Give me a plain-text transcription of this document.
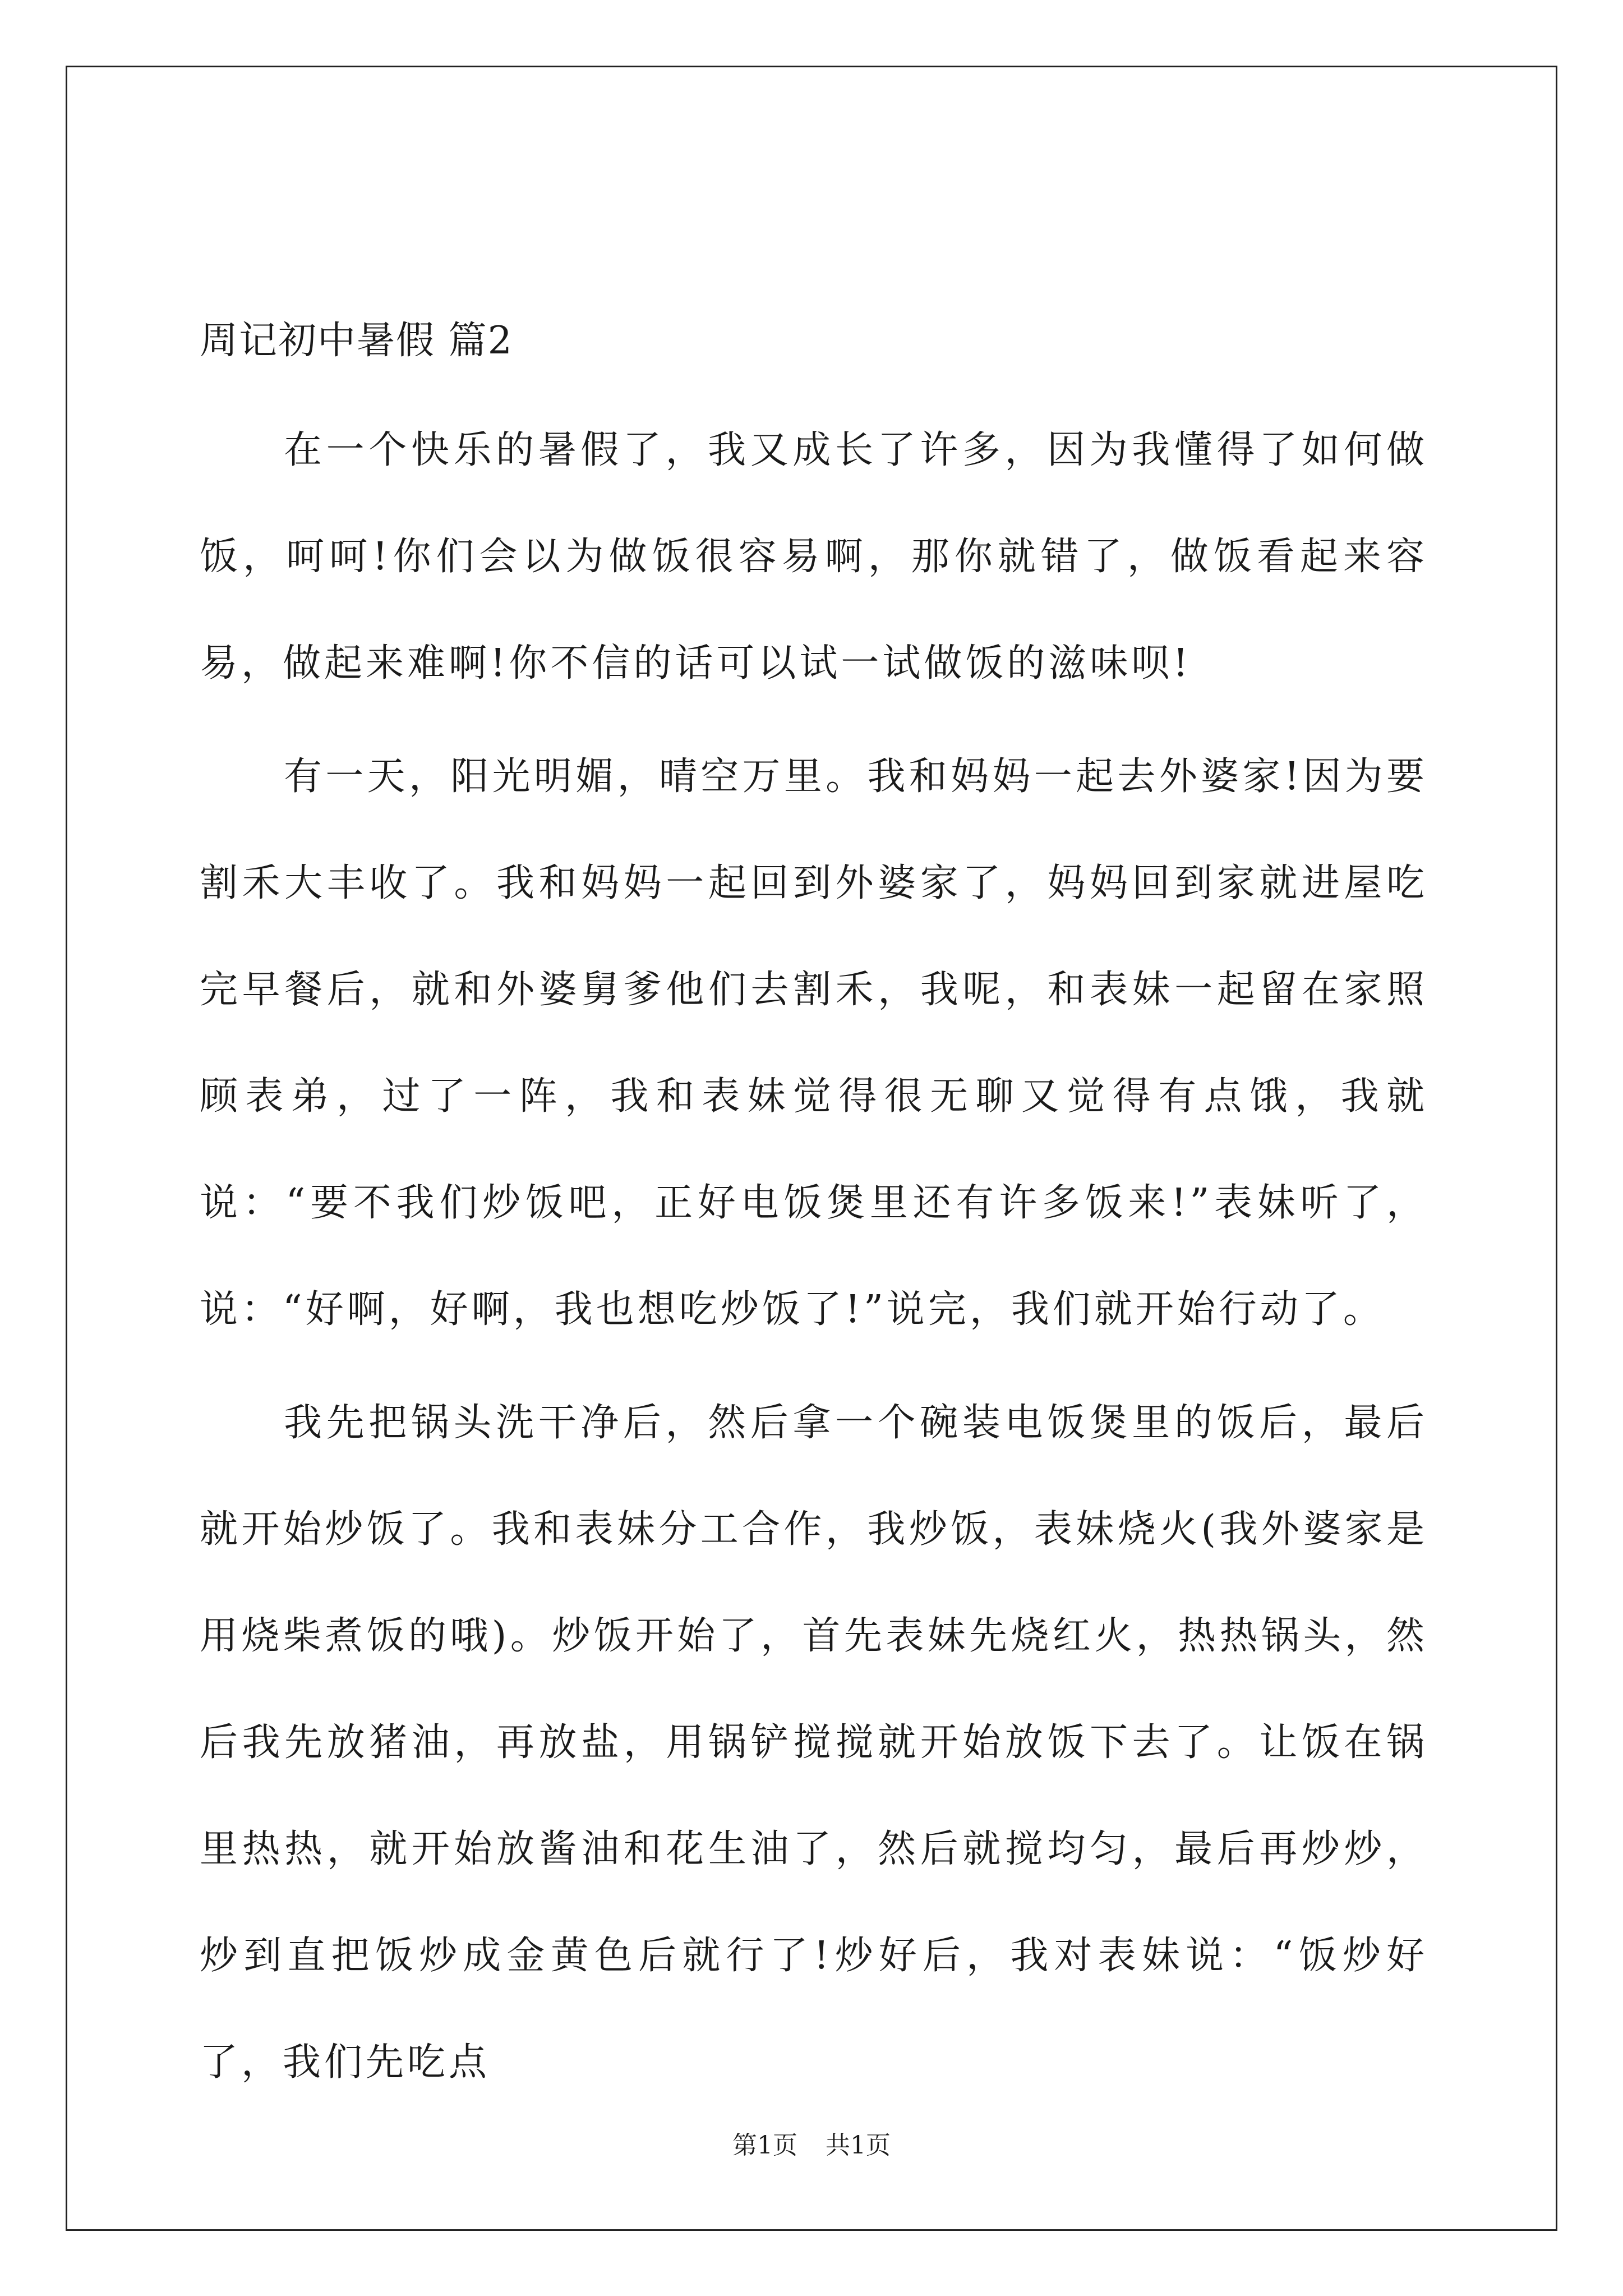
周记初中暑假 篇2

在一个快乐的暑假了，我又成长了许多，因为我懂得了如何做饭，呵呵!你们会以为做饭很容易啊，那你就错了，做饭看起来容易，做起来难啊!你不信的话可以试一试做饭的滋味呗!

有一天，阳光明媚，晴空万里。我和妈妈一起去外婆家!因为要割禾大丰收了。我和妈妈一起回到外婆家了，妈妈回到家就进屋吃完早餐后，就和外婆舅爹他们去割禾，我呢，和表妹一起留在家照顾表弟，过了一阵，我和表妹觉得很无聊又觉得有点饿，我就说：“要不我们炒饭吧，正好电饭煲里还有许多饭来!”表妹听了，说：“好啊，好啊，我也想吃炒饭了!”说完，我们就开始行动了。

我先把锅头洗干净后，然后拿一个碗装电饭煲里的饭后，最后就开始炒饭了。我和表妹分工合作，我炒饭，表妹烧火(我外婆家是用烧柴煮饭的哦)。炒饭开始了，首先表妹先烧红火，热热锅头，然后我先放猪油，再放盐，用锅铲搅搅就开始放饭下去了。让饭在锅里热热，就开始放酱油和花生油了，然后就搅均匀，最后再炒炒，炒到直把饭炒成金黄色后就行了!炒好后，我对表妹说：“饭炒好了，我们先吃点

第1页 共1页
